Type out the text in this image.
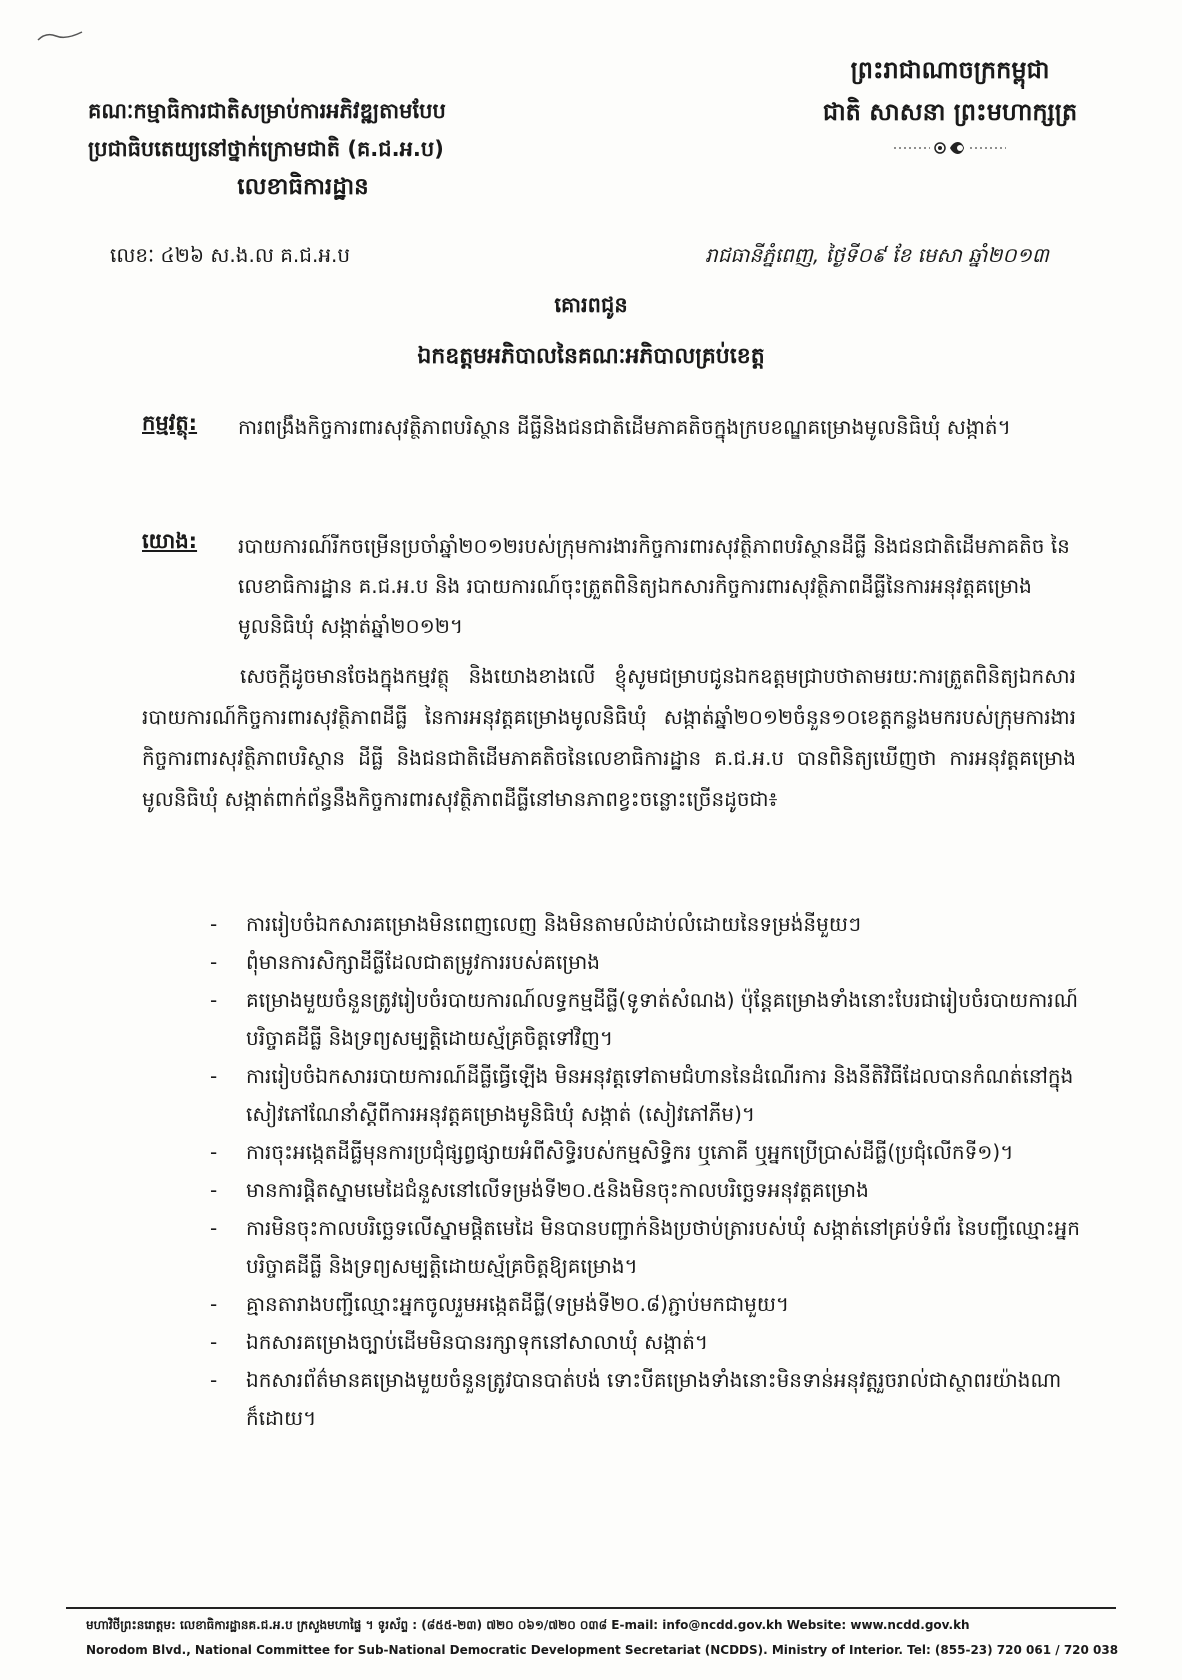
គណៈកម្មាធិការជាតិសម្រាប់ការអភិវឌ្ឍតាមបែប
ប្រជាធិបតេយ្យនៅថ្នាក់ក្រោមជាតិ (គ.ជ.អ.ប)
លេខាធិការដ្ឋាន
ព្រះរាជាណាចក្រកម្ពុជា
ជាតិ សាសនា ព្រះមហាក្សត្រ
លេខៈ ៤២៦ ស.ង.ល គ.ជ.អ.ប	រាជធានីភ្នំពេញ, ថ្ងៃទី០៩ ខែ មេសា ឆ្នាំ២០១៣
គោរពជូន
ឯកឧត្តមអភិបាលនៃគណៈអភិបាលគ្រប់ខេត្ត
កម្មវត្ថុ: ការពង្រឹងកិច្ចការពារសុវត្ថិភាពបរិស្ថាន ដីធ្លីនិងជនជាតិដើមភាគតិចក្នុងក្របខណ្ឌគម្រោងមូលនិធិឃុំ សង្កាត់។
យោង: របាយការណ៍រីកចម្រើនប្រចាំឆ្នាំ២០១២របស់ក្រុមការងារកិច្ចការពារសុវត្ថិភាពបរិស្ថានដីធ្លី និងជនជាតិដើមភាគតិច នៃលេខាធិការដ្ឋាន គ.ជ.អ.ប និង របាយការណ៍ចុះត្រួតពិនិត្យឯកសារកិច្ចការពារសុវត្ថិភាពដីធ្លីនៃការអនុវត្តគម្រោងមូលនិធិឃុំ សង្កាត់ឆ្នាំ២០១២។
សេចក្តីដូចមានចែងក្នុងកម្មវត្ថុ និងយោងខាងលើ ខ្ញុំសូមជម្រាបជូនឯកឧត្តមជ្រាបថាតាមរយៈការត្រួតពិនិត្យឯកសាររបាយការណ៍កិច្ចការពារសុវត្ថិភាពដីធ្លី នៃការអនុវត្តគម្រោងមូលនិធិឃុំ សង្កាត់ឆ្នាំ២០១២ចំនួន១០ខេត្តកន្លងមករបស់ក្រុមការងារកិច្ចការពារសុវត្ថិភាពបរិស្ថាន ដីធ្លី និងជនជាតិដើមភាគតិចនៃលេខាធិការដ្ឋាន គ.ជ.អ.ប បានពិនិត្យឃើញថា ការអនុវត្តគម្រោងមូលនិធិឃុំ សង្កាត់ពាក់ព័ន្ធនឹងកិច្ចការពារសុវត្ថិភាពដីធ្លីនៅមានភាពខ្វះចន្លោះច្រើនដូចជា៖
- ការរៀបចំឯកសារគម្រោងមិនពេញលេញ និងមិនតាមលំដាប់លំដោយនៃទម្រង់នីមួយៗ
- ពុំមានការសិក្សាដីធ្លីដែលជាតម្រូវការរបស់គម្រោង
- គម្រោងមួយចំនួនត្រូវរៀបចំរបាយការណ៍លទ្ធកម្មដីធ្លី(ទូទាត់សំណង) ប៉ុន្តែគម្រោងទាំងនោះបែរជារៀបចំរបាយការណ៍បរិច្ចាគដីធ្លី និងទ្រព្យសម្បត្តិដោយស្ម័គ្រចិត្តទៅវិញ។
- ការរៀបចំឯកសាររបាយការណ៍ដីធ្លីធ្វើឡើង មិនអនុវត្តទៅតាមជំហាននៃដំណើរការ និងនីតិវិធីដែលបានកំណត់នៅក្នុងសៀវភៅណែនាំស្តីពីការអនុវត្តគម្រោងមូនិធិឃុំ សង្កាត់ (សៀវភៅភីម)។
- ការចុះអង្កេតដីធ្លីមុនការប្រជុំផ្សព្វផ្សាយអំពីសិទ្ធិរបស់កម្មសិទ្ធិករ ឬភោគី ឬអ្នកប្រើប្រាស់ដីធ្លី(ប្រជុំលើកទី១)។
- មានការផ្តិតស្នាមមេដៃជំនួសនៅលើទម្រង់ទី២០.៥និងមិនចុះកាលបរិច្ឆេទអនុវត្តគម្រោង
- ការមិនចុះកាលបរិច្ឆេទលើស្នាមផ្តិតមេដៃ មិនបានបញ្ជាក់និងប្រថាប់ត្រារបស់ឃុំ សង្កាត់នៅគ្រប់ទំព័រ នៃបញ្ជីឈ្មោះអ្នកបរិច្ចាគដីធ្លី និងទ្រព្យសម្បត្តិដោយស្ម័គ្រចិត្តឱ្យគម្រោង។
- គ្មានតារាងបញ្ជីឈ្មោះអ្នកចូលរួមអង្កេតដីធ្លី(ទម្រង់ទី២០.៨)ភ្ជាប់មកជាមួយ។
- ឯកសារគម្រោងច្បាប់ដើមមិនបានរក្សាទុកនៅសាលាឃុំ សង្កាត់។
- ឯកសារព័ត៌មានគម្រោងមួយចំនួនត្រូវបានបាត់បង់ ទោះបីគម្រោងទាំងនោះមិនទាន់អនុវត្តរួចរាល់ជាស្ថាពរយ៉ាងណាក៏ដោយ។
មហាវិថីព្រះនរោត្តម: លេខាធិការដ្ឋានគ.ជ.អ.ប ក្រសួងមហាផ្ទៃ ។ ទូរស័ព្ទ : (៨៥៥-២៣) ៧២០ ០៦១/៧២០ ០៣៨ E-mail: info@ncdd.gov.kh Website: www.ncdd.gov.kh
Norodom Blvd., National Committee for Sub-National Democratic Development Secretariat (NCDDS). Ministry of Interior. Tel: (855-23) 720 061 / 720 038
